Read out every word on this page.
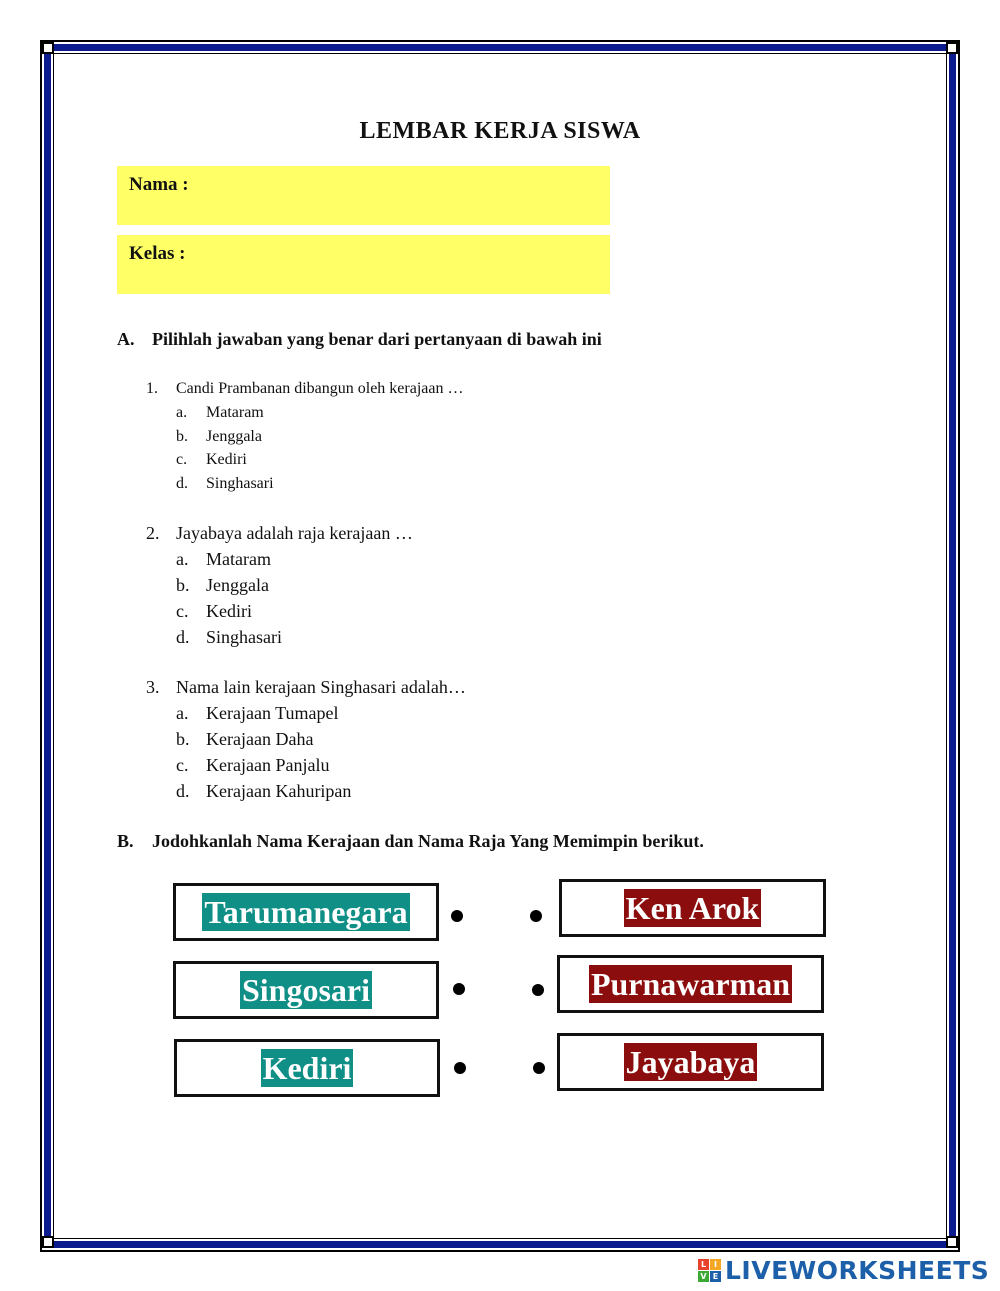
LEMBAR KERJA SISWA
Nama :
Kelas :
A. Pilihlah jawaban yang benar dari pertanyaan di bawah ini
1. Candi Prambanan dibangun oleh kerajaan …
a. Mataram
b. Jenggala
c. Kediri
d. Singhasari
2. Jayabaya adalah raja kerajaan …
a. Mataram
b. Jenggala
c. Kediri
d. Singhasari
3. Nama lain kerajaan Singhasari adalah…
a. Kerajaan Tumapel
b. Kerajaan Daha
c. Kerajaan Panjalu
d. Kerajaan Kahuripan
B. Jodohkanlah Nama Kerajaan dan Nama Raja Yang Memimpin berikut.
Tarumanegara
Singosari
Kediri
Ken Arok
Purnawarman
Jayabaya
L I
V E LIVEWORKSHEETS
